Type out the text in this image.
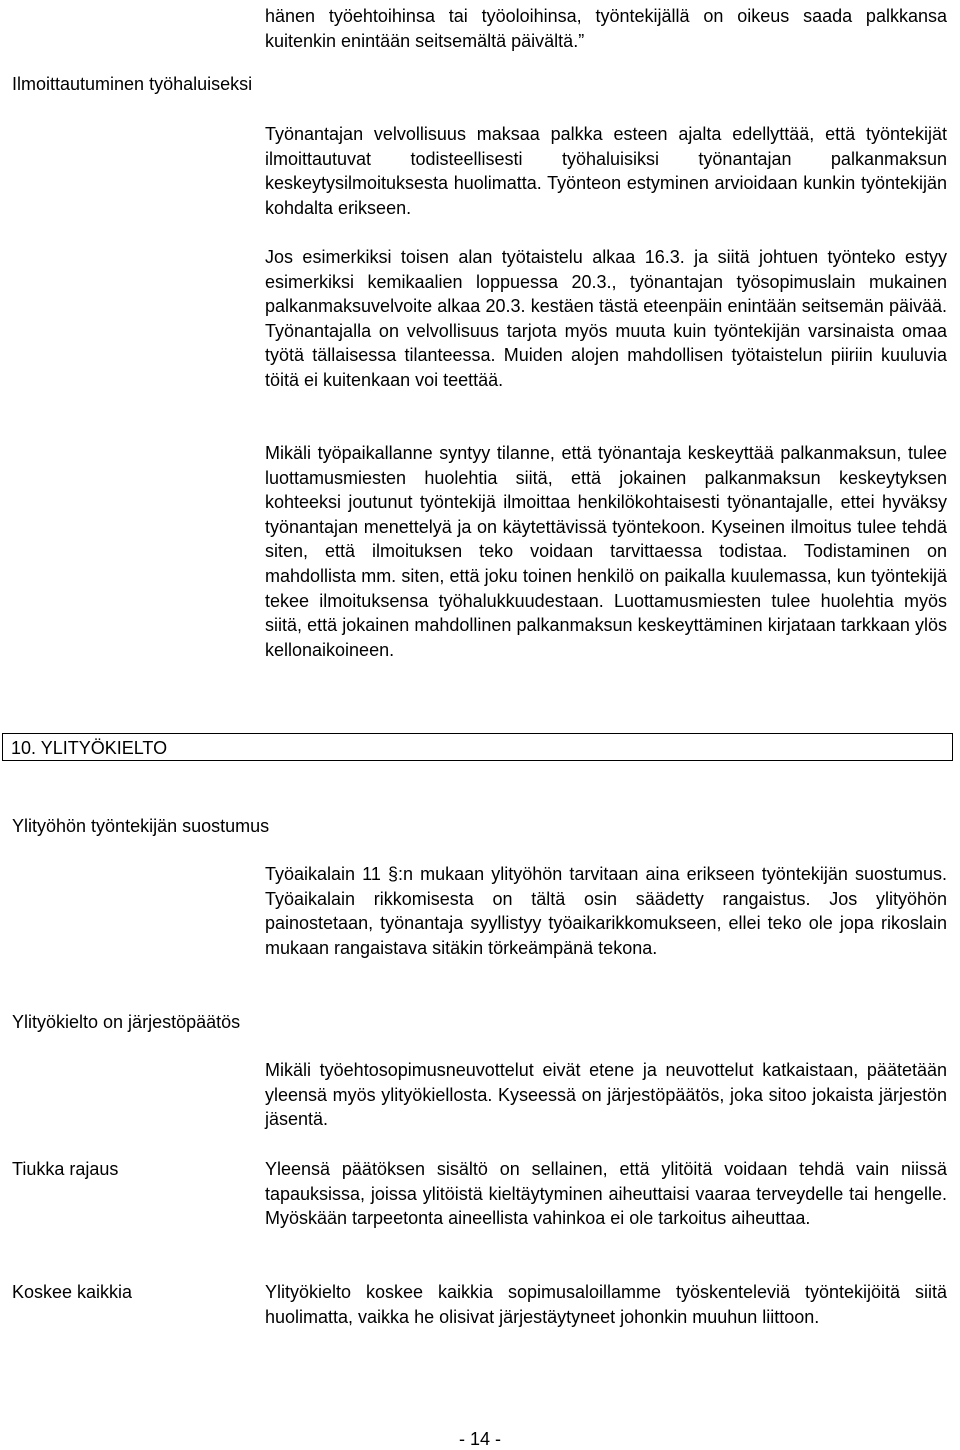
hänen työehtoihinsa tai työoloihinsa, työntekijällä on oikeus saada palkkansa kuitenkin enintään seitsemältä päivältä.”

Ilmoittautuminen työhaluiseksi

Työnantajan velvollisuus maksaa palkka esteen ajalta edellyttää, että työntekijät ilmoittautuvat todisteellisesti työhaluisiksi työnantajan palkanmaksun keskeytysilmoituksesta huolimatta. Työnteon estyminen arvioidaan kunkin työntekijän kohdalta erikseen.

Jos esimerkiksi toisen alan työtaistelu alkaa 16.3. ja siitä johtuen työnteko estyy esimerkiksi kemikaalien loppuessa 20.3., työnantajan työsopimuslain mukainen palkanmaksuvelvoite alkaa 20.3. kestäen tästä eteenpäin enintään seitsemän päivää. Työnantajalla on velvollisuus tarjota myös muuta kuin työntekijän varsinaista omaa työtä tällaisessa tilanteessa. Muiden alojen mahdollisen työtaistelun piiriin kuuluvia töitä ei kuitenkaan voi teettää.

Mikäli työpaikallanne syntyy tilanne, että työnantaja keskeyttää palkanmaksun, tulee luottamusmiesten huolehtia siitä, että jokainen palkanmaksun keskeytyksen kohteeksi joutunut työntekijä ilmoittaa henkilökohtaisesti työnantajalle, ettei hyväksy työnantajan menettelyä ja on käytettävissä työntekoon. Kyseinen ilmoitus tulee tehdä siten, että ilmoituksen teko voidaan tarvittaessa todistaa. Todistaminen on mahdollista mm. siten, että joku toinen henkilö on paikalla kuulemassa, kun työntekijä tekee ilmoituksensa työhalukkuudestaan. Luottamusmiesten tulee huolehtia myös siitä, että jokainen mahdollinen palkanmaksun keskeyttäminen kirjataan tarkkaan ylös kellonaikoineen.

10. YLITYÖKIELTO

Ylityöhön työntekijän suostumus

Työaikalain 11 §:n mukaan ylityöhön tarvitaan aina erikseen työntekijän suostumus. Työaikalain rikkomisesta on tältä osin säädetty rangaistus. Jos ylityöhön painostetaan, työnantaja syyllistyy työaikarikkomukseen, ellei teko ole jopa rikoslain mukaan rangaistava sitäkin törkeämpänä tekona.

Ylityökielto on järjestöpäätös

Mikäli työehtosopimusneuvottelut eivät etene ja neuvottelut katkaistaan, päätetään yleensä myös ylityökiellosta. Kyseessä on järjestöpäätös, joka sitoo jokaista järjestön jäsentä.

Tiukka rajaus	Yleensä päätöksen sisältö on sellainen, että ylitöitä voidaan tehdä vain niissä tapauksissa, joissa ylitöistä kieltäytyminen aiheuttaisi vaaraa terveydelle tai hengelle. Myöskään tarpeetonta aineellista vahinkoa ei ole tarkoitus aiheuttaa.

Koskee kaikkia	Ylityökielto koskee kaikkia sopimusaloillamme työskenteleviä työntekijöitä siitä huolimatta, vaikka he olisivat järjestäytyneet johonkin muuhun liittoon.

- 14 -
